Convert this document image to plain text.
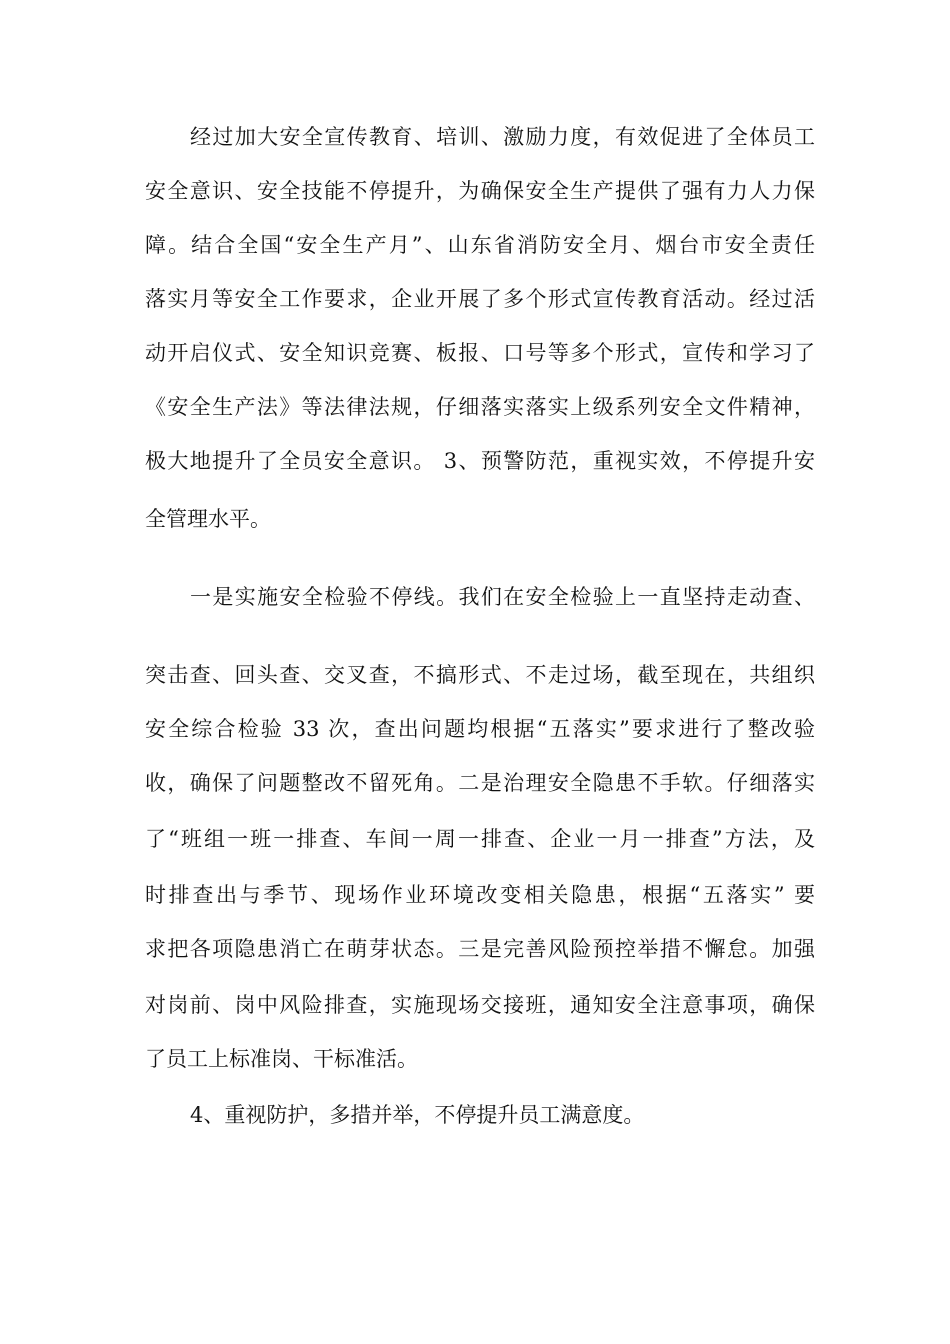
经过加大安全宣传教育、培训、激励力度，有效促进了全体员工
安全意识、安全技能不停提升，为确保安全生产提供了强有力人力保
障。结合全国“安全生产月”、山东省消防安全月、烟台市安全责任
落实月等安全工作要求，企业开展了多个形式宣传教育活动。经过活
动开启仪式、安全知识竞赛、板报、口号等多个形式，宣传和学习了
《安全生产法》等法律法规，仔细落实落实上级系列安全文件精神，
极大地提升了全员安全意识。 3、预警防范，重视实效，不停提升安
全管理水平。
一是实施安全检验不停线。我们在安全检验上一直坚持走动查、
突击查、回头查、交叉查，不搞形式、不走过场，截至现在，共组织
安全综合检验 33 次，查出问题均根据“五落实”要求进行了整改验
收，确保了问题整改不留死角。二是治理安全隐患不手软。仔细落实
了“班组一班一排查、车间一周一排查、企业一月一排查”方法，及
时排查出与季节、现场作业环境改变相关隐患，根据“五落实” 要
求把各项隐患消亡在萌芽状态。三是完善风险预控举措不懈怠。加强
对岗前、岗中风险排查，实施现场交接班，通知安全注意事项，确保
了员工上标准岗、干标准活。
4、重视防护，多措并举，不停提升员工满意度。
